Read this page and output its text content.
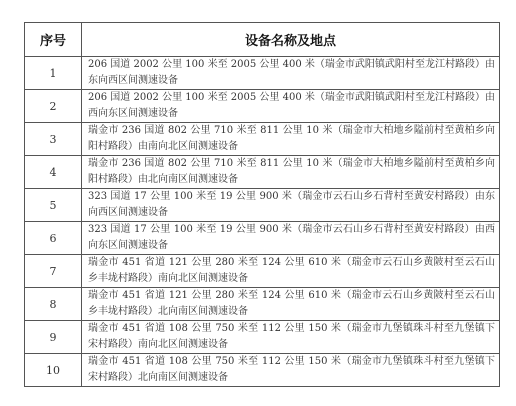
序号	设备名称及地点
1	206 国道 2002 公里 100 米至 2005 公里 400 米（瑞金市武阳镇武阳村至龙江村路段）由东向西区间测速设备
2	206 国道 2002 公里 100 米至 2005 公里 400 米（瑞金市武阳镇武阳村至龙江村路段）由西向东区间测速设备
3	瑞金市 236 国道 802 公里 710 米至 811 公里 10 米（瑞金市大柏地乡隘前村至黄柏乡向阳村路段）由南向北区间测速设备
4	瑞金市 236 国道 802 公里 710 米至 811 公里 10 米（瑞金市大柏地乡隘前村至黄柏乡向阳村路段）由北向南区间测速设备
5	323 国道 17 公里 100 米至 19 公里 900 米（瑞金市云石山乡石背村至黄安村路段）由东向西区间测速设备
6	323 国道 17 公里 100 米至 19 公里 900 米（瑞金市云石山乡石背村至黄安村路段）由西向东区间测速设备
7	瑞金市 451 省道 121 公里 280 米至 124 公里 610 米（瑞金市云石山乡黄陂村至云石山乡丰垅村路段）南向北区间测速设备
8	瑞金市 451 省道 121 公里 280 米至 124 公里 610 米（瑞金市云石山乡黄陂村至云石山乡丰垅村路段）北向南区间测速设备
9	瑞金市 451 省道 108 公里 750 米至 112 公里 150 米（瑞金市九堡镇珠斗村至九堡镇下宋村路段）南向北区间测速设备
10	瑞金市 451 省道 108 公里 750 米至 112 公里 150 米（瑞金市九堡镇珠斗村至九堡镇下宋村路段）北向南区间测速设备
